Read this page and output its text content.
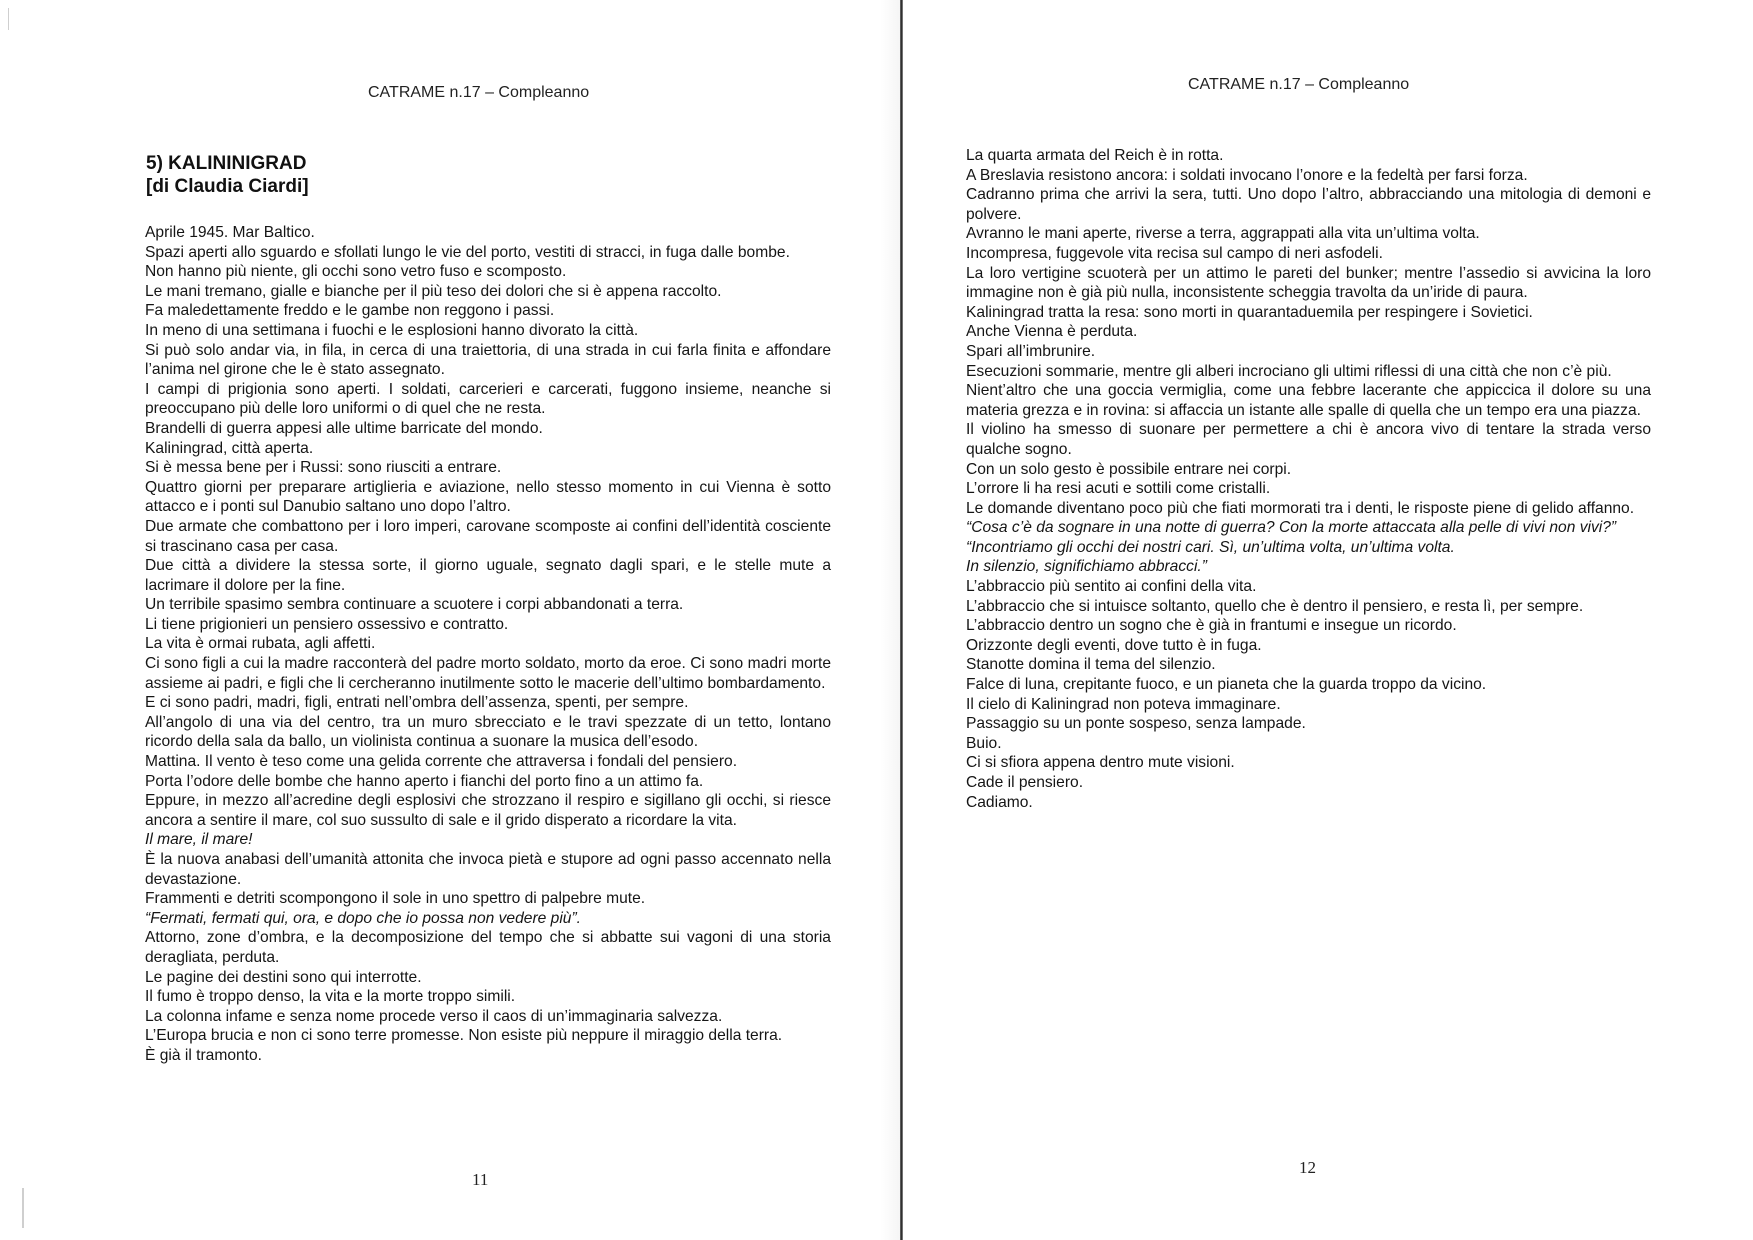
CATRAME n.17 – Compleanno
5) KALININIGRAD
[di Claudia Ciardi]

Aprile 1945. Mar Baltico.

Spazi aperti allo sguardo e sfollati lungo le vie del porto, vestiti di stracci, in fuga dalle bombe.

Non hanno più niente, gli occhi sono vetro fuso e scomposto.

Le mani tremano, gialle e bianche per il più teso dei dolori che si è appena raccolto.

Fa maledettamente freddo e le gambe non reggono i passi.

In meno di una settimana i fuochi e le esplosioni hanno divorato la città.

Si può solo andar via, in fila, in cerca di una traiettoria, di una strada in cui farla finita e affondare l’anima nel girone che le è stato assegnato.

I campi di prigionia sono aperti. I soldati, carcerieri e carcerati, fuggono insieme, neanche si preoccupano più delle loro uniformi o di quel che ne resta.

Brandelli di guerra appesi alle ultime barricate del mondo.

Kaliningrad, città aperta.

Si è messa bene per i Russi: sono riusciti a entrare.

Quattro giorni per preparare artiglieria e aviazione, nello stesso momento in cui Vienna è sotto attacco e i ponti sul Danubio saltano uno dopo l’altro.

Due armate che combattono per i loro imperi, carovane scomposte ai confini dell’identità cosciente si trascinano casa per casa.

Due città a dividere la stessa sorte, il giorno uguale, segnato dagli spari, e le stelle mute a lacrimare il dolore per la fine.

Un terribile spasimo sembra continuare a scuotere i corpi abbandonati a terra.

Li tiene prigionieri un pensiero ossessivo e contratto.

La vita è ormai rubata, agli affetti.

Ci sono figli a cui la madre racconterà del padre morto soldato, morto da eroe. Ci sono madri morte assieme ai padri, e figli che li cercheranno inutilmente sotto le macerie dell’ultimo bombardamento.

E ci sono padri, madri, figli, entrati nell’ombra dell’assenza, spenti, per sempre.

All’angolo di una via del centro, tra un muro sbrecciato e le travi spezzate di un tetto, lontano ricordo della sala da ballo, un violinista continua a suonare la musica dell’esodo.

Mattina. Il vento è teso come una gelida corrente che attraversa i fondali del pensiero.

Porta l’odore delle bombe che hanno aperto i fianchi del porto fino a un attimo fa.

Eppure, in mezzo all’acredine degli esplosivi che strozzano il respiro e sigillano gli occhi, si riesce ancora a sentire il mare, col suo sussulto di sale e il grido disperato a ricordare la vita.

Il mare, il mare!

È la nuova anabasi dell’umanità attonita che invoca pietà e stupore ad ogni passo accennato nella devastazione.

Frammenti e detriti scompongono il sole in uno spettro di palpebre mute.

“Fermati, fermati qui, ora, e dopo che io possa non vedere più”.

Attorno, zone d’ombra, e la decomposizione del tempo che si abbatte sui vagoni di una storia deragliata, perduta.

Le pagine dei destini sono qui interrotte.

Il fumo è troppo denso, la vita e la morte troppo simili.

La colonna infame e senza nome procede verso il caos di un’immaginaria salvezza.

L’Europa brucia e non ci sono terre promesse. Non esiste più neppure il miraggio della terra.

È già il tramonto.

11
CATRAME n.17 – Compleanno

La quarta armata del Reich è in rotta.

A Breslavia resistono ancora: i soldati invocano l’onore e la fedeltà per farsi forza.

Cadranno prima che arrivi la sera, tutti. Uno dopo l’altro, abbracciando una mitologia di demoni e polvere.

Avranno le mani aperte, riverse a terra, aggrappati alla vita un’ultima volta.

Incompresa, fuggevole vita recisa sul campo di neri asfodeli.

La loro vertigine scuoterà per un attimo le pareti del bunker; mentre l’assedio si avvicina la loro immagine non è già più nulla, inconsistente scheggia travolta da un’iride di paura.

Kaliningrad tratta la resa: sono morti in quarantaduemila per respingere i Sovietici.

Anche Vienna è perduta.

Spari all’imbrunire.

Esecuzioni sommarie, mentre gli alberi incrociano gli ultimi riflessi di una città che non c’è più.

Nient’altro che una goccia vermiglia, come una febbre lacerante che appiccica il dolore su una materia grezza e in rovina: si affaccia un istante alle spalle di quella che un tempo era una piazza.

Il violino ha smesso di suonare per permettere a chi è ancora vivo di tentare la strada verso qualche sogno.

Con un solo gesto è possibile entrare nei corpi.

L’orrore li ha resi acuti e sottili come cristalli.

Le domande diventano poco più che fiati mormorati tra i denti, le risposte piene di gelido affanno.

“Cosa c’è da sognare in una notte di guerra? Con la morte attaccata alla pelle di vivi non vivi?”

“Incontriamo gli occhi dei nostri cari. Sì, un’ultima volta, un’ultima volta.

In silenzio, significhiamo abbracci.”

L’abbraccio più sentito ai confini della vita.

L’abbraccio che si intuisce soltanto, quello che è dentro il pensiero, e resta lì, per sempre.

L’abbraccio dentro un sogno che è già in frantumi e insegue un ricordo.

Orizzonte degli eventi, dove tutto è in fuga.

Stanotte domina il tema del silenzio.

Falce di luna, crepitante fuoco, e un pianeta che la guarda troppo da vicino.

Il cielo di Kaliningrad non poteva immaginare.

Passaggio su un ponte sospeso, senza lampade.

Buio.

Ci si sfiora appena dentro mute visioni.

Cade il pensiero.

Cadiamo.

12
